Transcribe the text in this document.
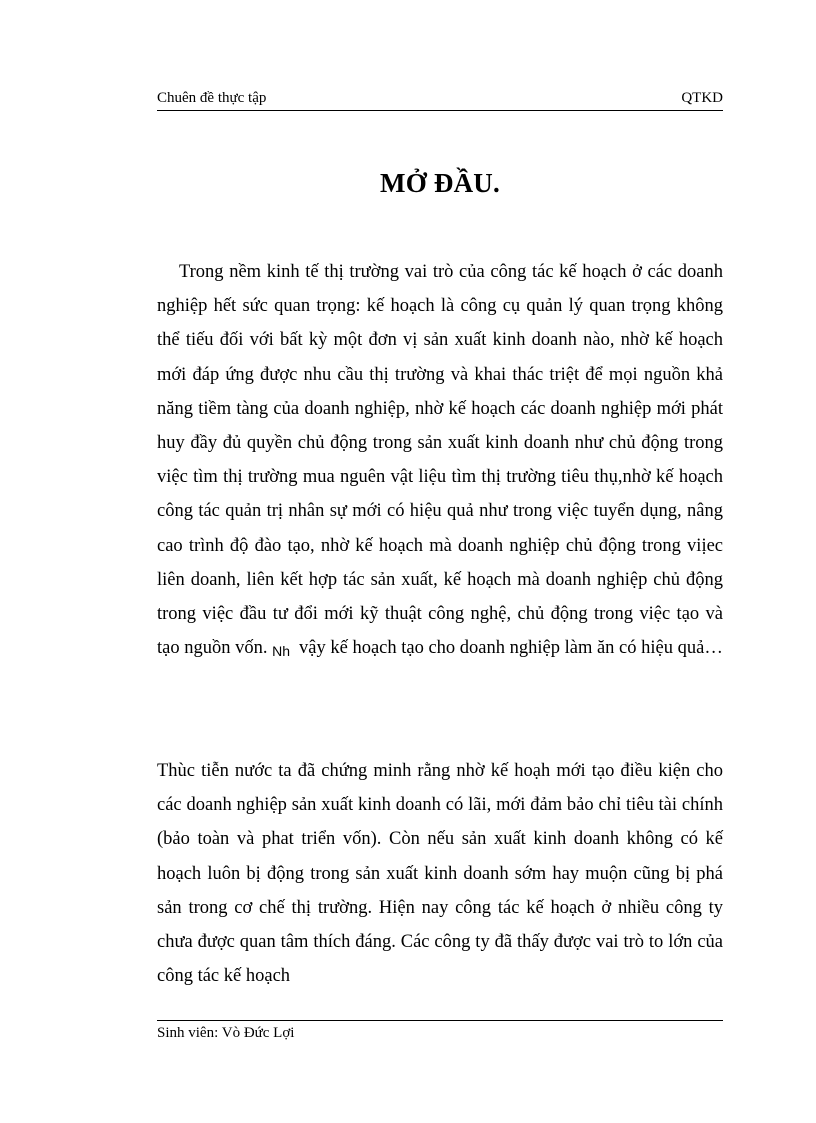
Chuên đề thực tập	QTKD
MỞ ĐẦU.

Trong nềm kinh tế thị trường vai trò của công tác kế hoạch ở các doanh nghiệp hết sức quan trọng: kế hoạch là công cụ quản lý quan trọng không thể tiếu đối với bất kỳ một đơn vị sản xuất kinh doanh nào, nhờ kế hoạch mới đáp ứng được nhu cầu thị trường và khai thác triệt để mọi nguồn khả năng tiềm tàng của doanh nghiệp, nhờ kế hoạch các doanh nghiệp mới phát huy đầy đủ quyền chủ động trong sản xuất kinh doanh như chủ động trong việc tìm thị trường mua nguên vật liệu tìm thị trường tiêu thụ,nhờ kế hoạch công tác quản trị nhân sự mới có hiệu quả như trong việc tuyển dụng, nâng cao trình độ đào tạo, nhờ kế hoạch mà doanh nghiệp chủ động trong viịec liên doanh, liên kết hợp tác sản xuất, kế hoạch mà doanh nghiệp chủ động trong việc đầu tư đổi mới kỹ thuật công nghệ, chủ động trong việc tạo và tạo nguồn vốn. Nh vậy kế hoạch tạo cho doanh nghiệp làm ăn có hiệu quả…

Thùc tiễn nước ta đã chứng minh rằng nhờ kế hoạh mới tạo điều kiện cho các doanh nghiệp sản xuất kinh doanh có lãi, mới đảm bảo chỉ tiêu tài chính (bảo toàn và phat triển vốn). Còn nếu sản xuất kinh doanh không có kế hoạch luôn bị động trong sản xuất kinh doanh sớm hay muộn cũng bị phá sản trong cơ chế thị trường. Hiện nay công tác kế hoạch ở nhiều công ty chưa được quan tâm thích đáng. Các công ty đã thấy được vai trò to lớn của công tác kế hoạch

Sinh viên: Vò Đức Lợi
